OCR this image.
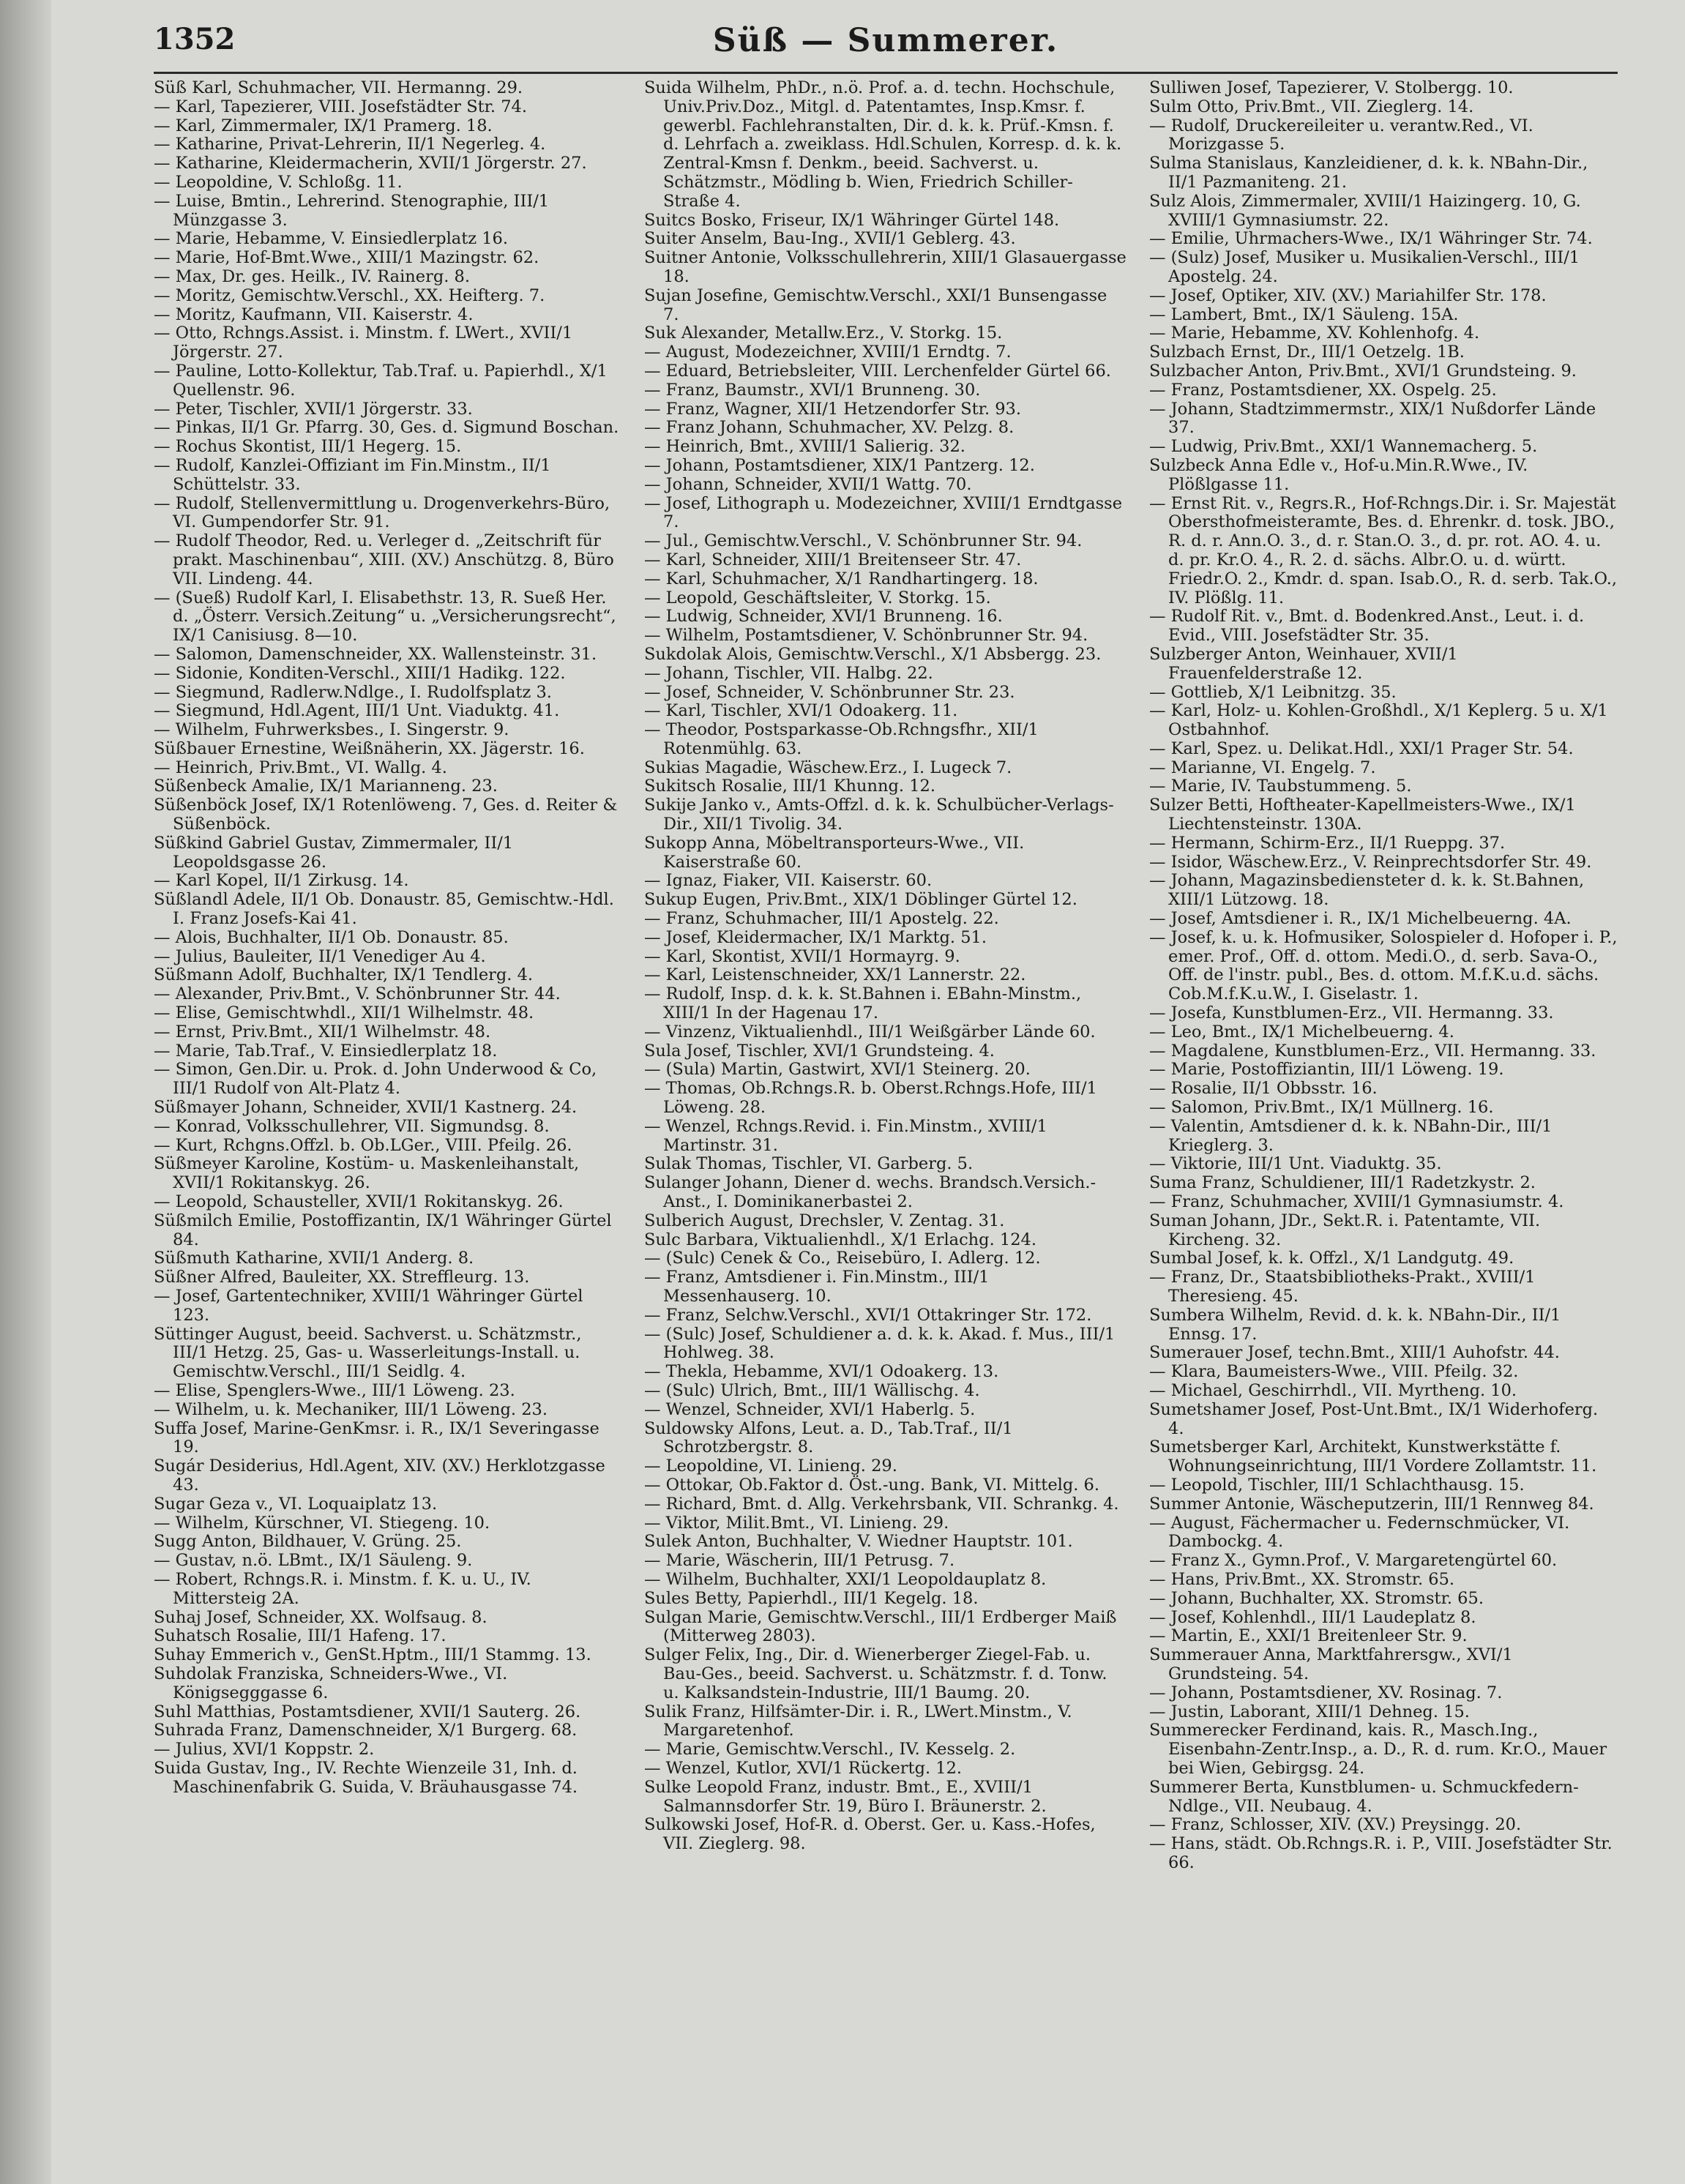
Süß — Summerer.
1352

Süß Karl, Schuhmacher, VII. Hermanng. 29.

— Karl, Tapezierer, VIII. Josefstädter Str. 74.

— Karl, Zimmermaler, IX/1 Pramerg. 18.

— Katharine, Privat-Lehrerin, II/1 Negerleg. 4.

— Katharine, Kleidermacherin, XVII/1 Jörgerstr. 27.

— Leopoldine, V. Schloßg. 11.

— Luise, Bmtin., Lehrerind. Stenographie, III/1 Münzgasse 3.

— Marie, Hebamme, V. Einsiedlerplatz 16.

— Marie, Hof-Bmt.Wwe., XIII/1 Mazingstr. 62.

— Max, Dr. ges. Heilk., IV. Rainerg. 8.

— Moritz, Gemischtw.Verschl., XX. Heifterg. 7.

— Moritz, Kaufmann, VII. Kaiserstr. 4.

— Otto, Rchngs.Assist. i. Minstm. f. LWert., XVII/1 Jörgerstr. 27.

— Pauline, Lotto-Kollektur, Tab.Traf. u. Papierhdl., X/1 Quellenstr. 96.

— Peter, Tischler, XVII/1 Jörgerstr. 33.

— Pinkas, II/1 Gr. Pfarrg. 30, Ges. d. Sigmund Boschan.

— Rochus Skontist, III/1 Hegerg. 15.

— Rudolf, Kanzlei-Offiziant im Fin.Minstm., II/1 Schüttelstr. 33.

— Rudolf, Stellenvermittlung u. Drogenverkehrs-Büro, VI. Gumpendorfer Str. 91.

— Rudolf Theodor, Red. u. Verleger d. „Zeitschrift für prakt. Maschinenbau“, XIII. (XV.) Anschützg. 8, Büro VII. Lindeng. 44.

— (Sueß) Rudolf Karl, I. Elisabethstr. 13, R. Sueß Her. d. „Österr. Versich.Zeitung“ u. „Versicherungsrecht“, IX/1 Canisiusg. 8—10.

— Salomon, Damenschneider, XX. Wallensteinstr. 31.

— Sidonie, Konditen-Verschl., XIII/1 Hadikg. 122.

— Siegmund, Radlerw.Ndlge., I. Rudolfsplatz 3.

— Siegmund, Hdl.Agent, III/1 Unt. Viaduktg. 41.

— Wilhelm, Fuhrwerksbes., I. Singerstr. 9.

Süßbauer Ernestine, Weißnäherin, XX. Jägerstr. 16.

— Heinrich, Priv.Bmt., VI. Wallg. 4.

Süßenbeck Amalie, IX/1 Marianneng. 23.

Süßenböck Josef, IX/1 Rotenlöweng. 7, Ges. d. Reiter & Süßenböck.

Süßkind Gabriel Gustav, Zimmermaler, II/1 Leopoldsgasse 26.

— Karl Kopel, II/1 Zirkusg. 14.

Süßlandl Adele, II/1 Ob. Donaustr. 85, Gemischtw.-Hdl. I. Franz Josefs-Kai 41.

— Alois, Buchhalter, II/1 Ob. Donaustr. 85.

— Julius, Bauleiter, II/1 Venediger Au 4.

Süßmann Adolf, Buchhalter, IX/1 Tendlerg. 4.

— Alexander, Priv.Bmt., V. Schönbrunner Str. 44.

— Elise, Gemischtwhdl., XII/1 Wilhelmstr. 48.

— Ernst, Priv.Bmt., XII/1 Wilhelmstr. 48.

— Marie, Tab.Traf., V. Einsiedlerplatz 18.

— Simon, Gen.Dir. u. Prok. d. John Underwood & Co, III/1 Rudolf von Alt-Platz 4.

Süßmayer Johann, Schneider, XVII/1 Kastnerg. 24.

— Konrad, Volksschullehrer, VII. Sigmundsg. 8.

— Kurt, Rchgns.Offzl. b. Ob.LGer., VIII. Pfeilg. 26.

Süßmeyer Karoline, Kostüm- u. Maskenleihanstalt, XVII/1 Rokitanskyg. 26.

— Leopold, Schausteller, XVII/1 Rokitanskyg. 26.

Süßmilch Emilie, Postoffizantin, IX/1 Währinger Gürtel 84.

Süßmuth Katharine, XVII/1 Anderg. 8.

Süßner Alfred, Bauleiter, XX. Streffleurg. 13.

— Josef, Gartentechniker, XVIII/1 Währinger Gürtel 123.

Süttinger August, beeid. Sachverst. u. Schätzmstr., III/1 Hetzg. 25, Gas- u. Wasserleitungs-Install. u. Gemischtw.Verschl., III/1 Seidlg. 4.

— Elise, Spenglers-Wwe., III/1 Löweng. 23.

— Wilhelm, u. k. Mechaniker, III/1 Löweng. 23.

Suffa Josef, Marine-GenKmsr. i. R., IX/1 Severingasse 19.

Sugár Desiderius, Hdl.Agent, XIV. (XV.) Herklotzgasse 43.

Sugar Geza v., VI. Loquaiplatz 13.

— Wilhelm, Kürschner, VI. Stiegeng. 10.

Sugg Anton, Bildhauer, V. Grüng. 25.

— Gustav, n.ö. LBmt., IX/1 Säuleng. 9.

— Robert, Rchngs.R. i. Minstm. f. K. u. U., IV. Mittersteig 2A.

Suhaj Josef, Schneider, XX. Wolfsaug. 8.

Suhatsch Rosalie, III/1 Hafeng. 17.

Suhay Emmerich v., GenSt.Hptm., III/1 Stammg. 13.

Suhdolak Franziska, Schneiders-Wwe., VI. Königsegggasse 6.

Suhl Matthias, Postamtsdiener, XVII/1 Sauterg. 26.

Suhrada Franz, Damenschneider, X/1 Burgerg. 68.

— Julius, XVI/1 Koppstr. 2.

Suida Gustav, Ing., IV. Rechte Wienzeile 31, Inh. d. Maschinenfabrik G. Suida, V. Bräuhausgasse 74.

Suida Wilhelm, PhDr., n.ö. Prof. a. d. techn. Hochschule, Univ.Priv.Doz., Mitgl. d. Patentamtes, Insp.Kmsr. f. gewerbl. Fachlehranstalten, Dir. d. k. k. Prüf.-Kmsn. f. d. Lehrfach a. zweiklass. Hdl.Schulen, Korresp. d. k. k. Zentral-Kmsn f. Denkm., beeid. Sachverst. u. Schätzmstr., Mödling b. Wien, Friedrich Schiller-Straße 4.

Suitcs Bosko, Friseur, IX/1 Währinger Gürtel 148.

Suiter Anselm, Bau-Ing., XVII/1 Geblerg. 43.

Suitner Antonie, Volksschullehrerin, XIII/1 Glasauergasse 18.

Sujan Josefine, Gemischtw.Verschl., XXI/1 Bunsengasse 7.

Suk Alexander, Metallw.Erz., V. Storkg. 15.

— August, Modezeichner, XVIII/1 Erndtg. 7.

— Eduard, Betriebsleiter, VIII. Lerchenfelder Gürtel 66.

— Franz, Baumstr., XVI/1 Brunneng. 30.

— Franz, Wagner, XII/1 Hetzendorfer Str. 93.

— Franz Johann, Schuhmacher, XV. Pelzg. 8.

— Heinrich, Bmt., XVIII/1 Salierig. 32.

— Johann, Postamtsdiener, XIX/1 Pantzerg. 12.

— Johann, Schneider, XVII/1 Wattg. 70.

— Josef, Lithograph u. Modezeichner, XVIII/1 Erndtgasse 7.

— Jul., Gemischtw.Verschl., V. Schönbrunner Str. 94.

— Karl, Schneider, XIII/1 Breitenseer Str. 47.

— Karl, Schuhmacher, X/1 Randhartingerg. 18.

— Leopold, Geschäftsleiter, V. Storkg. 15.

— Ludwig, Schneider, XVI/1 Brunneng. 16.

— Wilhelm, Postamtsdiener, V. Schönbrunner Str. 94.

Sukdolak Alois, Gemischtw.Verschl., X/1 Absbergg. 23.

— Johann, Tischler, VII. Halbg. 22.

— Josef, Schneider, V. Schönbrunner Str. 23.

— Karl, Tischler, XVI/1 Odoakerg. 11.

— Theodor, Postsparkasse-Ob.Rchngsfhr., XII/1 Rotenmühlg. 63.

Sukias Magadie, Wäschew.Erz., I. Lugeck 7.

Sukitsch Rosalie, III/1 Khunng. 12.

Sukije Janko v., Amts-Offzl. d. k. k. Schulbücher-Verlags-Dir., XII/1 Tivolig. 34.

Sukopp Anna, Möbeltransporteurs-Wwe., VII. Kaiserstraße 60.

— Ignaz, Fiaker, VII. Kaiserstr. 60.

Sukup Eugen, Priv.Bmt., XIX/1 Döblinger Gürtel 12.

— Franz, Schuhmacher, III/1 Apostelg. 22.

— Josef, Kleidermacher, IX/1 Marktg. 51.

— Karl, Skontist, XVII/1 Hormayrg. 9.

— Karl, Leistenschneider, XX/1 Lannerstr. 22.

— Rudolf, Insp. d. k. k. St.Bahnen i. EBahn-Minstm., XIII/1 In der Hagenau 17.

— Vinzenz, Viktualienhdl., III/1 Weißgärber Lände 60.

Sula Josef, Tischler, XVI/1 Grundsteing. 4.

— (Sula) Martin, Gastwirt, XVI/1 Steinerg. 20.

— Thomas, Ob.Rchngs.R. b. Oberst.Rchngs.Hofe, III/1 Löweng. 28.

— Wenzel, Rchngs.Revid. i. Fin.Minstm., XVIII/1 Martinstr. 31.

Sulak Thomas, Tischler, VI. Garberg. 5.

Sulanger Johann, Diener d. wechs. Brandsch.Versich.-Anst., I. Dominikanerbastei 2.

Sulberich August, Drechsler, V. Zentag. 31.

Sulc Barbara, Viktualienhdl., X/1 Erlachg. 124.

— (Sulc) Cenek & Co., Reisebüro, I. Adlerg. 12.

— Franz, Amtsdiener i. Fin.Minstm., III/1 Messenhauserg. 10.

— Franz, Selchw.Verschl., XVI/1 Ottakringer Str. 172.

— (Sulc) Josef, Schuldiener a. d. k. k. Akad. f. Mus., III/1 Hohlweg. 38.

— Thekla, Hebamme, XVI/1 Odoakerg. 13.

— (Sulc) Ulrich, Bmt., III/1 Wällischg. 4.

— Wenzel, Schneider, XVI/1 Haberlg. 5.

Suldowsky Alfons, Leut. a. D., Tab.Traf., II/1 Schrotzbergstr. 8.

— Leopoldine, VI. Linieng. 29.

— Ottokar, Ob.Faktor d. Öst.-ung. Bank, VI. Mittelg. 6.

— Richard, Bmt. d. Allg. Verkehrsbank, VII. Schrankg. 4.

— Viktor, Milit.Bmt., VI. Linieng. 29.

Sulek Anton, Buchhalter, V. Wiedner Hauptstr. 101.

— Marie, Wäscherin, III/1 Petrusg. 7.

— Wilhelm, Buchhalter, XXI/1 Leopoldauplatz 8.

Sules Betty, Papierhdl., III/1 Kegelg. 18.

Sulgan Marie, Gemischtw.Verschl., III/1 Erdberger Maiß (Mitterweg 2803).

Sulger Felix, Ing., Dir. d. Wienerberger Ziegel-Fab. u. Bau-Ges., beeid. Sachverst. u. Schätzmstr. f. d. Tonw. u. Kalksandstein-Industrie, III/1 Baumg. 20.

Sulik Franz, Hilfsämter-Dir. i. R., LWert.Minstm., V. Margaretenhof.

— Marie, Gemischtw.Verschl., IV. Kesselg. 2.

— Wenzel, Kutlor, XVI/1 Rückertg. 12.

Sulke Leopold Franz, industr. Bmt., E., XVIII/1 Salmannsdorfer Str. 19, Büro I. Bräunerstr. 2.

Sulkowski Josef, Hof-R. d. Oberst. Ger. u. Kass.-Hofes, VII. Zieglerg. 98.

Sulliwen Josef, Tapezierer, V. Stolbergg. 10.

Sulm Otto, Priv.Bmt., VII. Zieglerg. 14.

— Rudolf, Druckereileiter u. verantw.Red., VI. Morizgasse 5.

Sulma Stanislaus, Kanzleidiener, d. k. k. NBahn-Dir., II/1 Pazmaniteng. 21.

Sulz Alois, Zimmermaler, XVIII/1 Haizingerg. 10, G. XVIII/1 Gymnasiumstr. 22.

— Emilie, Uhrmachers-Wwe., IX/1 Währinger Str. 74.

— (Sulz) Josef, Musiker u. Musikalien-Verschl., III/1 Apostelg. 24.

— Josef, Optiker, XIV. (XV.) Mariahilfer Str. 178.

— Lambert, Bmt., IX/1 Säuleng. 15A.

— Marie, Hebamme, XV. Kohlenhofg. 4.

Sulzbach Ernst, Dr., III/1 Oetzelg. 1B.

Sulzbacher Anton, Priv.Bmt., XVI/1 Grundsteing. 9.

— Franz, Postamtsdiener, XX. Ospelg. 25.

— Johann, Stadtzimmermstr., XIX/1 Nußdorfer Lände 37.

— Ludwig, Priv.Bmt., XXI/1 Wannemacherg. 5.

Sulzbeck Anna Edle v., Hof-u.Min.R.Wwe., IV. Plößlgasse 11.

— Ernst Rit. v., Regrs.R., Hof-Rchngs.Dir. i. Sr. Majestät Obersthofmeisteramte, Bes. d. Ehrenkr. d. tosk. JBO., R. d. r. Ann.O. 3., d. r. Stan.O. 3., d. pr. rot. AO. 4. u. d. pr. Kr.O. 4., R. 2. d. sächs. Albr.O. u. d. württ. Friedr.O. 2., Kmdr. d. span. Isab.O., R. d. serb. Tak.O., IV. Plößlg. 11.

— Rudolf Rit. v., Bmt. d. Bodenkred.Anst., Leut. i. d. Evid., VIII. Josefstädter Str. 35.

Sulzberger Anton, Weinhauer, XVII/1 Frauenfelderstraße 12.

— Gottlieb, X/1 Leibnitzg. 35.

— Karl, Holz- u. Kohlen-Großhdl., X/1 Keplerg. 5 u. X/1 Ostbahnhof.

— Karl, Spez. u. Delikat.Hdl., XXI/1 Prager Str. 54.

— Marianne, VI. Engelg. 7.

— Marie, IV. Taubstummeng. 5.

Sulzer Betti, Hoftheater-Kapellmeisters-Wwe., IX/1 Liechtensteinstr. 130A.

— Hermann, Schirm-Erz., II/1 Rueppg. 37.

— Isidor, Wäschew.Erz., V. Reinprechtsdorfer Str. 49.

— Johann, Magazinsbediensteter d. k. k. St.Bahnen, XIII/1 Lützowg. 18.

— Josef, Amtsdiener i. R., IX/1 Michelbeuerng. 4A.

— Josef, k. u. k. Hofmusiker, Solospieler d. Hofoper i. P., emer. Prof., Off. d. ottom. Medi.O., d. serb. Sava-O., Off. de l'instr. publ., Bes. d. ottom. M.f.K.u.d. sächs. Cob.M.f.K.u.W., I. Giselastr. 1.

— Josefa, Kunstblumen-Erz., VII. Hermanng. 33.

— Leo, Bmt., IX/1 Michelbeuerng. 4.

— Magdalene, Kunstblumen-Erz., VII. Hermanng. 33.

— Marie, Postoffiziantin, III/1 Löweng. 19.

— Rosalie, II/1 Obbsstr. 16.

— Salomon, Priv.Bmt., IX/1 Müllnerg. 16.

— Valentin, Amtsdiener d. k. k. NBahn-Dir., III/1 Krieglerg. 3.

— Viktorie, III/1 Unt. Viaduktg. 35.

Suma Franz, Schuldiener, III/1 Radetzkystr. 2.

— Franz, Schuhmacher, XVIII/1 Gymnasiumstr. 4.

Suman Johann, JDr., Sekt.R. i. Patentamte, VII. Kircheng. 32.

Sumbal Josef, k. k. Offzl., X/1 Landgutg. 49.

— Franz, Dr., Staatsbibliotheks-Prakt., XVIII/1 Theresieng. 45.

Sumbera Wilhelm, Revid. d. k. k. NBahn-Dir., II/1 Ennsg. 17.

Sumerauer Josef, techn.Bmt., XIII/1 Auhofstr. 44.

— Klara, Baumeisters-Wwe., VIII. Pfeilg. 32.

— Michael, Geschirrhdl., VII. Myrtheng. 10.

Sumetshamer Josef, Post-Unt.Bmt., IX/1 Widerhoferg. 4.

Sumetsberger Karl, Architekt, Kunstwerkstätte f. Wohnungseinrichtung, III/1 Vordere Zollamtstr. 11.

— Leopold, Tischler, III/1 Schlachthausg. 15.

Summer Antonie, Wäscheputzerin, III/1 Rennweg 84.

— August, Fächermacher u. Federnschmücker, VI. Dambockg. 4.

— Franz X., Gymn.Prof., V. Margaretengürtel 60.

— Hans, Priv.Bmt., XX. Stromstr. 65.

— Johann, Buchhalter, XX. Stromstr. 65.

— Josef, Kohlenhdl., III/1 Laudeplatz 8.

— Martin, E., XXI/1 Breitenleer Str. 9.

Summerauer Anna, Marktfahrersgw., XVI/1 Grundsteing. 54.

— Johann, Postamtsdiener, XV. Rosinag. 7.

— Justin, Laborant, XIII/1 Dehneg. 15.

Summerecker Ferdinand, kais. R., Masch.Ing., Eisenbahn-Zentr.Insp., a. D., R. d. rum. Kr.O., Mauer bei Wien, Gebirgsg. 24.

Summerer Berta, Kunstblumen- u. Schmuckfedern-Ndlge., VII. Neubaug. 4.

— Franz, Schlosser, XIV. (XV.) Preysingg. 20.

— Hans, städt. Ob.Rchngs.R. i. P., VIII. Josefstädter Str. 66.
